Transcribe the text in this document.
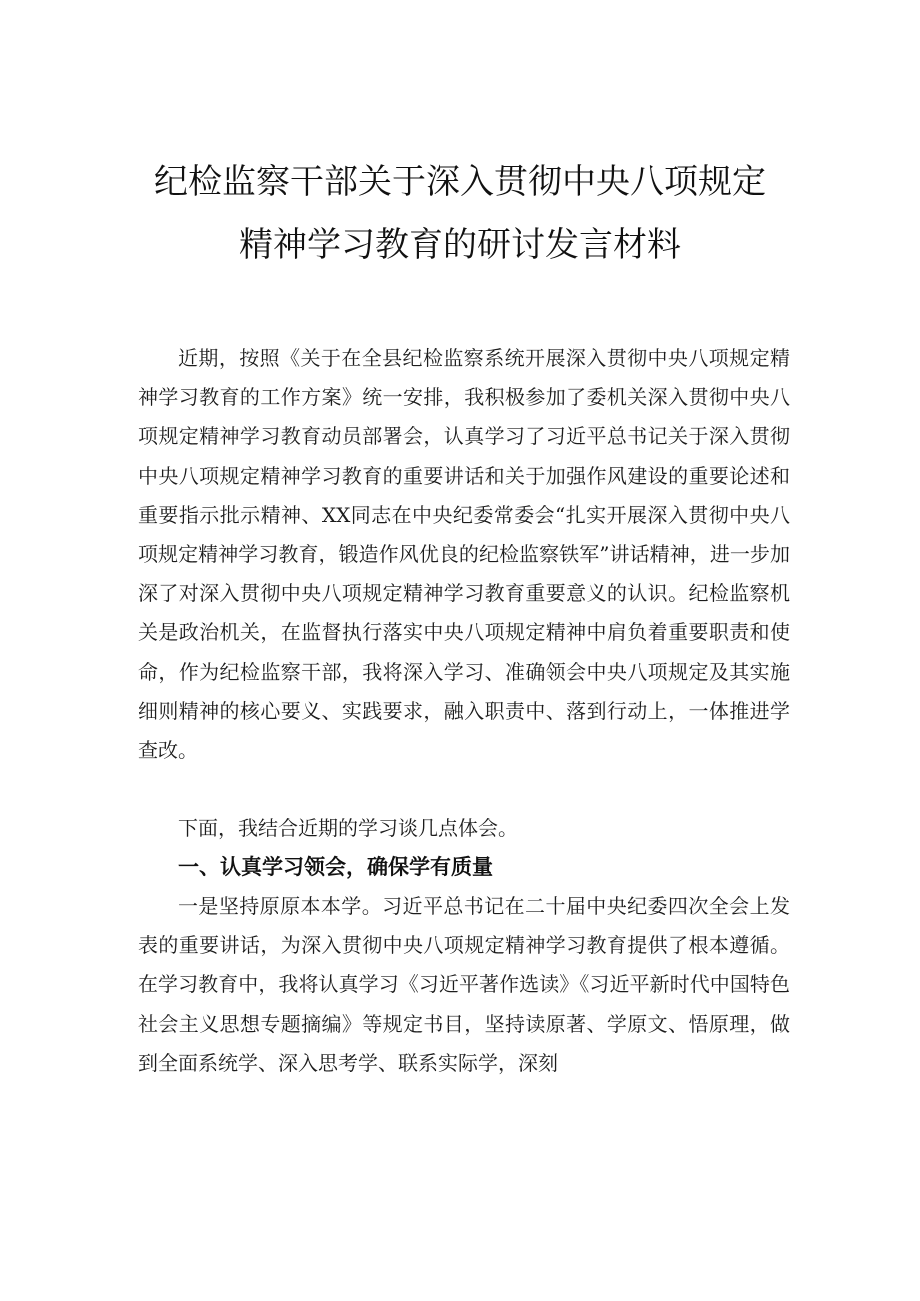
纪检监察干部关于深入贯彻中央八项规定
精神学习教育的研讨发言材料

近期，按照《关于在全县纪检监察系统开展深入贯彻中央八项规定精神学习教育的工作方案》统一安排，我积极参加了委机关深入贯彻中央八项规定精神学习教育动员部署会，认真学习了习近平总书记关于深入贯彻中央八项规定精神学习教育的重要讲话和关于加强作风建设的重要论述和重要指示批示精神、XX同志在中央纪委常委会“扎实开展深入贯彻中央八项规定精神学习教育，锻造作风优良的纪检监察铁军”讲话精神，进一步加深了对深入贯彻中央八项规定精神学习教育重要意义的认识。纪检监察机关是政治机关，在监督执行落实中央八项规定精神中肩负着重要职责和使命，作为纪检监察干部，我将深入学习、准确领会中央八项规定及其实施细则精神的核心要义、实践要求，融入职责中、落到行动上，一体推进学查改。

下面，我结合近期的学习谈几点体会。

一、认真学习领会，确保学有质量

一是坚持原原本本学。习近平总书记在二十届中央纪委四次全会上发表的重要讲话，为深入贯彻中央八项规定精神学习教育提供了根本遵循。在学习教育中，我将认真学习《习近平著作选读》《习近平新时代中国特色社会主义思想专题摘编》等规定书目，坚持读原著、学原文、悟原理，做到全面系统学、深入思考学、联系实际学，深刻
